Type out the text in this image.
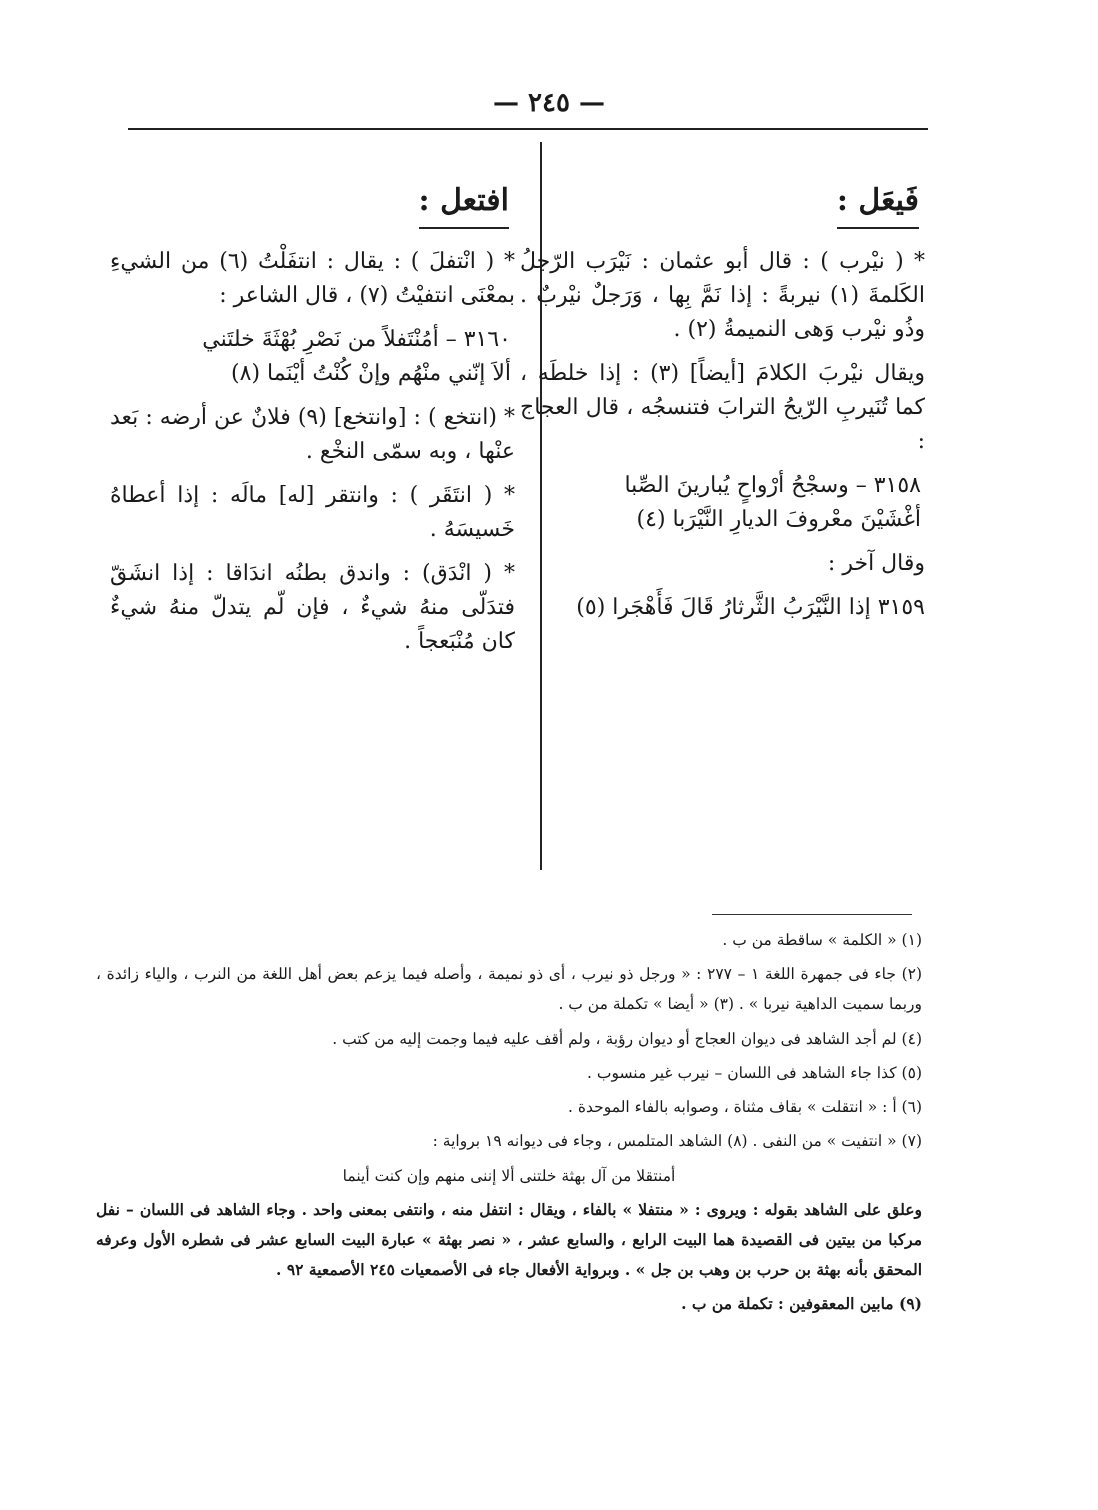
— ٢٤٥ —
فَيعَل :

* ( نيْرب ) : قال أبو عثمان : نَيْرَب الرّجلُ الكَلمةَ (١) نيربةً : إذا نَمَّ بِها ، وَرَجلٌ نيْربٌ . وذُو نيْرب وَهى النميمةُ (٢) .

ويقال نيْربَ الكلامَ [أيضاً] (٣) : إذا خلطَه ، كما تُنَيربِ الرّيحُ الترابَ فتنسجُه ، قال العجاج :

٣١٥٨ – وسجْحُ أرْواحٍ يُبارينَ الصِّبا
أغْشَيْنَ معْروفَ الديارِ النَّيْرَبا (٤)

وقال آخر :

٣١٥٩ إذا النَّيْرَبُ الثَّرثارُ قَالَ فَأَهْجَرا (٥)

افتعل :

* ( انْتفلَ ) : يقال : انتفَلْتُ (٦) من الشيءِ بمعْنَى انتفيْتُ (٧) ، قال الشاعر :

٣١٦٠ – أمُنْتَفلاً من نَصْرِ بُهْثَةَ خلتَني
ألاَ إنّني منْهُم وإنْ كُنْتُ أيْنَما (٨)

* (انتخع ) : [وانتخع] (٩) فلانٌ عن أرضه : بَعد عنْها ، وبه سمّى النخْع .

* ( انتَقَر ) : وانتقر [له] مالَه : إذا أعطاهُ خَسيسَهُ .

* ( انْدَق) : واندق بطنُه اندَاقا : إذا انشَقّ فتدَلّى منهُ شيءٌ ، فإن لّم يتدلّ منهُ شيءٌ كان مُنْبَعجاً .

(١) « الكلمة » ساقطة من ب .

(٢) جاء فى جمهرة اللغة ١ – ٢٧٧ : « ورجل ذو نيرب ، أى ذو نميمة ، وأصله فيما يزعم بعض أهل اللغة من النرب ، والياء زائدة ، وربما سميت الداهية نيربا » . (٣) « أيضا » تكملة من ب .

(٤) لم أجد الشاهد فى ديوان العجاج أو ديوان رؤبة ، ولم أقف عليه فيما وجمت إليه من كتب .

(٥) كذا جاء الشاهد فى اللسان – نيرب غير منسوب .

(٦) أ : « انتقلت » بقاف مثناة ، وصوابه بالفاء الموحدة .

(٧) « انتفيت » من النفى . (٨) الشاهد المتلمس ، وجاء فى ديوانه ١٩ برواية :

أمنتقلا من آل بهثة خلتنى ألا إننى منهم وإن كنت أينما

وعلق على الشاهد بقوله : ويروى : « منتفلا » بالفاء ، ويقال : انتفل منه ، وانتفى بمعنى واحد . وجاء الشاهد فى اللسان – نفل مركبا من بيتين فى القصيدة هما البيت الرابع ، والسابع عشر ، « نصر بهثة » عبارة البيت السابع عشر فى شطره الأول وعرفه المحقق بأنه بهثة بن حرب بن وهب بن جل » . وبرواية الأفعال جاء فى الأصمعيات ٢٤٥ الأصمعية ٩٢ .

(٩) مابين المعقوفين : تكملة من ب .
